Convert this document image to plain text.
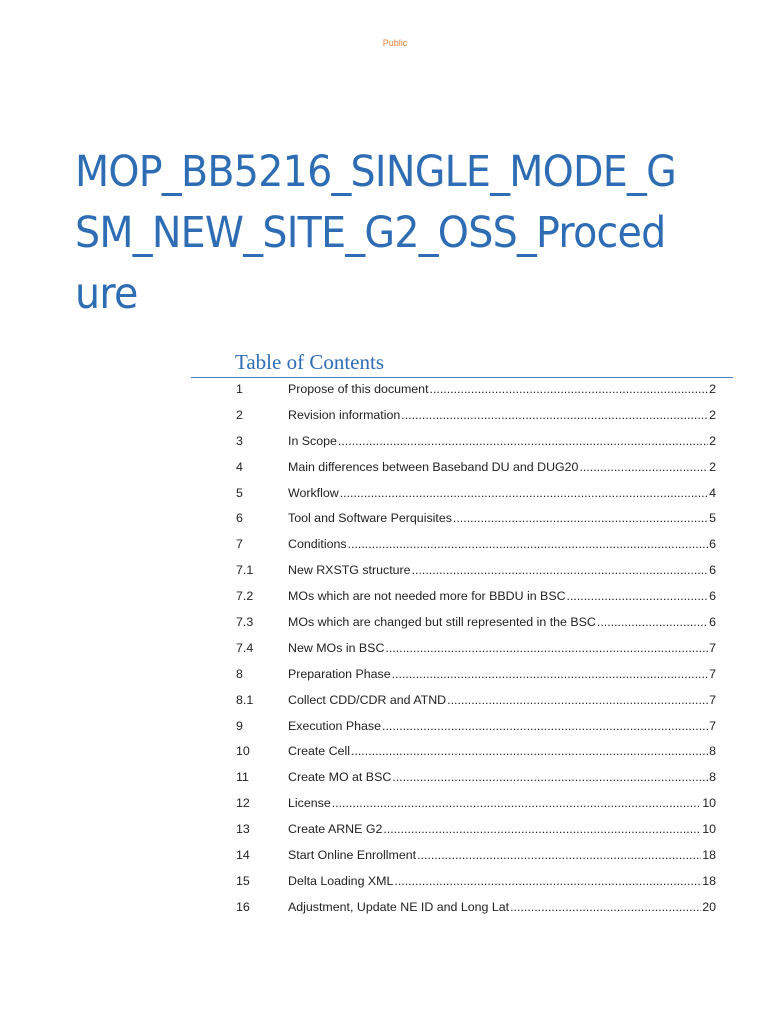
Public
MOP_BB5216_SINGLE_MODE_GSM_NEW_SITE_G2_OSS_Procedure
Table of Contents
1	Propose of this document .....	2
2	Revision information .....	2
3	In Scope .....	2
4	Main differences between Baseband DU and DUG20 .....	2
5	Workflow .....	4
6	Tool and Software Perquisites .....	5
7	Conditions .....	6
7.1	New RXSTG structure .....	6
7.2	MOs which are not needed more for BBDU in BSC .....	6
7.3	MOs which are changed but still represented in the BSC .....	6
7.4	New MOs in BSC .....	7
8	Preparation Phase .....	7
8.1	Collect CDD/CDR and ATND .....	7
9	Execution Phase .....	7
10	Create Cell .....	8
11	Create MO at BSC .....	8
12	License .....	10
13	Create ARNE G2 .....	10
14	Start Online Enrollment .....	18
15	Delta Loading XML .....	18
16	Adjustment, Update NE ID and Long Lat .....	20
